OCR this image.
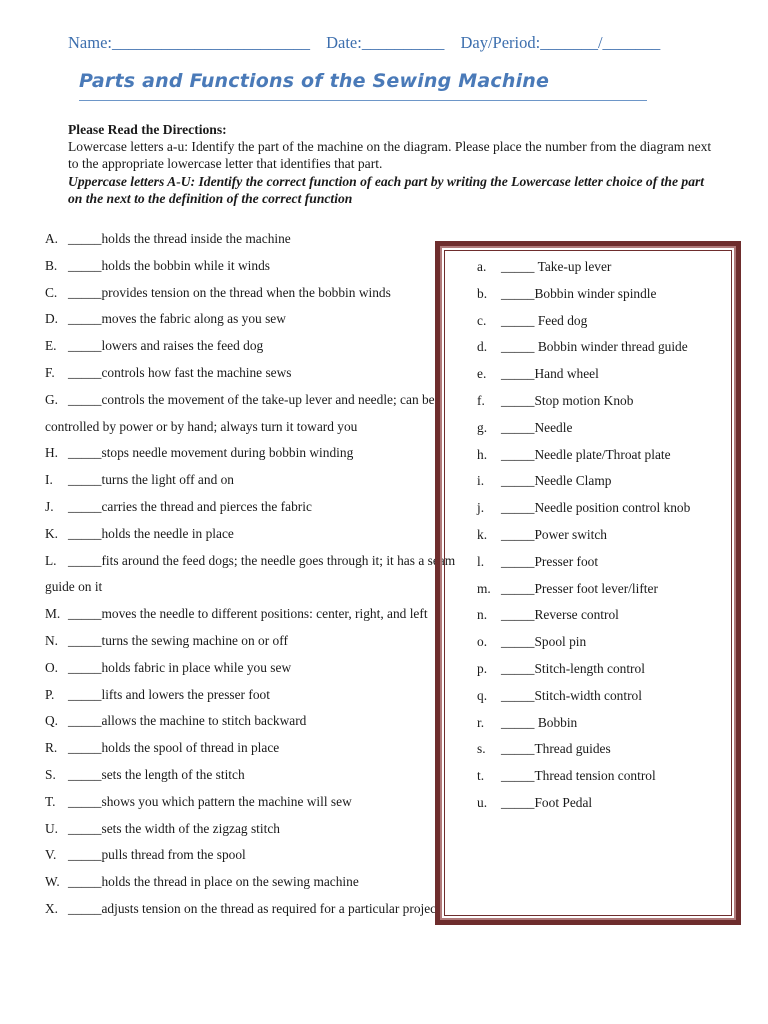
Name:________________________ Date:__________ Day/Period:_______/_______
Parts and Functions of the Sewing Machine
Please Read the Directions:
Lowercase letters a-u: Identify the part of the machine on the diagram. Please place the number from the diagram next to the appropriate lowercase letter that identifies that part.
Uppercase letters A-U: Identify the correct function of each part by writing the Lowercase letter choice of the part on the next to the definition of the correct function
A. _____holds the thread inside the machine
B. _____holds the bobbin while it winds
C. _____provides tension on the thread when the bobbin winds
D. _____moves the fabric along as you sew
E. _____lowers and raises the feed dog
F. _____controls how fast the machine sews
G. _____controls the movement of the take-up lever and needle; can be controlled by power or by hand; always turn it toward you
H. _____stops needle movement during bobbin winding
I. _____turns the light off and on
J. _____carries the thread and pierces the fabric
K. _____holds the needle in place
L. _____fits around the feed dogs; the needle goes through it; it has a seam guide on it
M. _____moves the needle to different positions: center, right, and left
N. _____turns the sewing machine on or off
O. _____holds fabric in place while you sew
P. _____lifts and lowers the presser foot
Q. _____allows the machine to stitch backward
R. _____holds the spool of thread in place
S. _____sets the length of the stitch
T. _____shows you which pattern the machine will sew
U. _____sets the width of the zigzag stitch
V. _____pulls thread from the spool
W. _____holds the thread in place on the sewing machine
X. _____adjusts tension on the thread as required for a particular project
a. _____ Take-up lever
b. _____Bobbin winder spindle
c. _____ Feed dog
d. _____ Bobbin winder thread guide
e. _____Hand wheel
f. _____Stop motion Knob
g. _____Needle
h. _____Needle plate/Throat plate
i. _____Needle Clamp
j. _____Needle position control knob
k. _____Power switch
l. _____Presser foot
m. _____Presser foot lever/lifter
n. _____Reverse control
o. _____Spool pin
p. _____Stitch-length control
q. _____Stitch-width control
r. _____ Bobbin
s. _____Thread guides
t. _____Thread tension control
u. _____Foot Pedal
